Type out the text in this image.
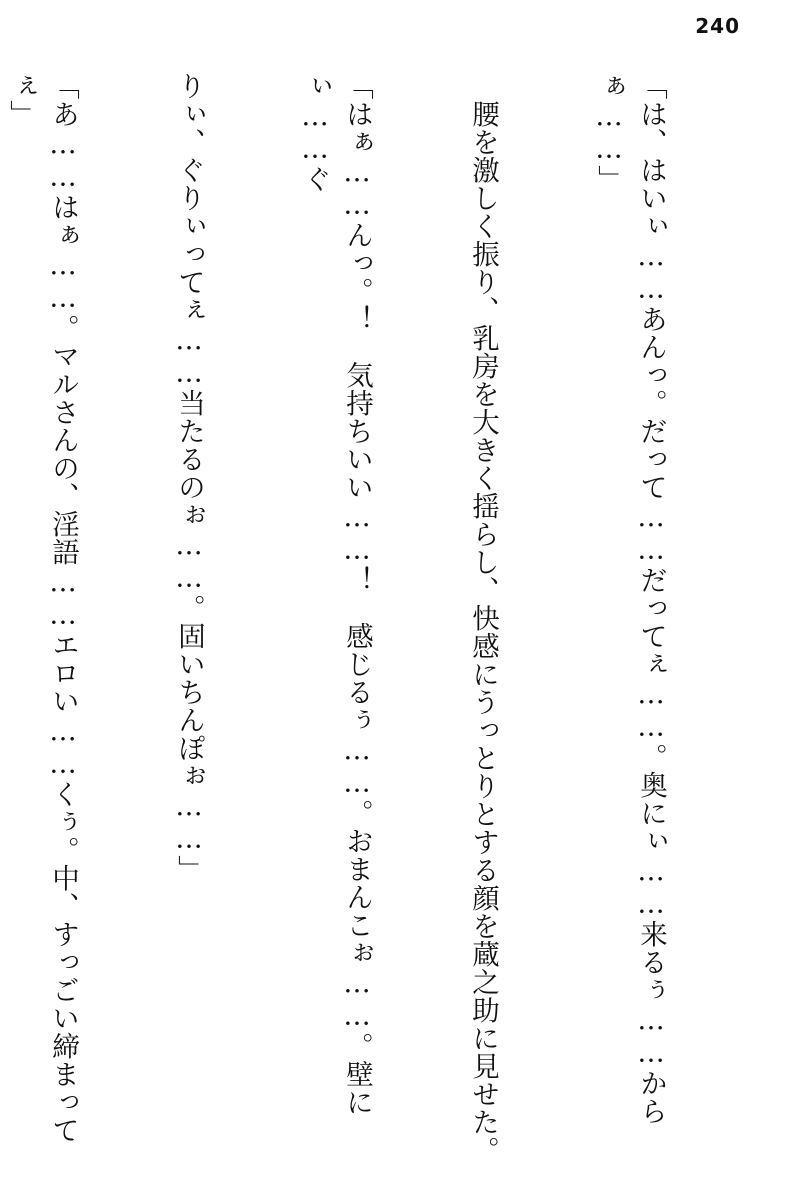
240

「は、はいぃ……あんっ。だって……だってぇ……。奥にぃ……来るぅ……からぁ……」

　腰を激しく振り、乳房を大きく揺らし、快感にうっとりとする顔を蔵之助に見せた。

「はぁ……んっ。！　気持ちいい……！　感じるぅ……。おまんこぉ……。壁にぃ……ぐ

りぃ、ぐりぃってぇ……当たるのぉ……。固いちんぽぉ……」

「あ……はぁ……。マルさんの、淫語……エロい……くぅ。中、すっごい締まってぇ」
